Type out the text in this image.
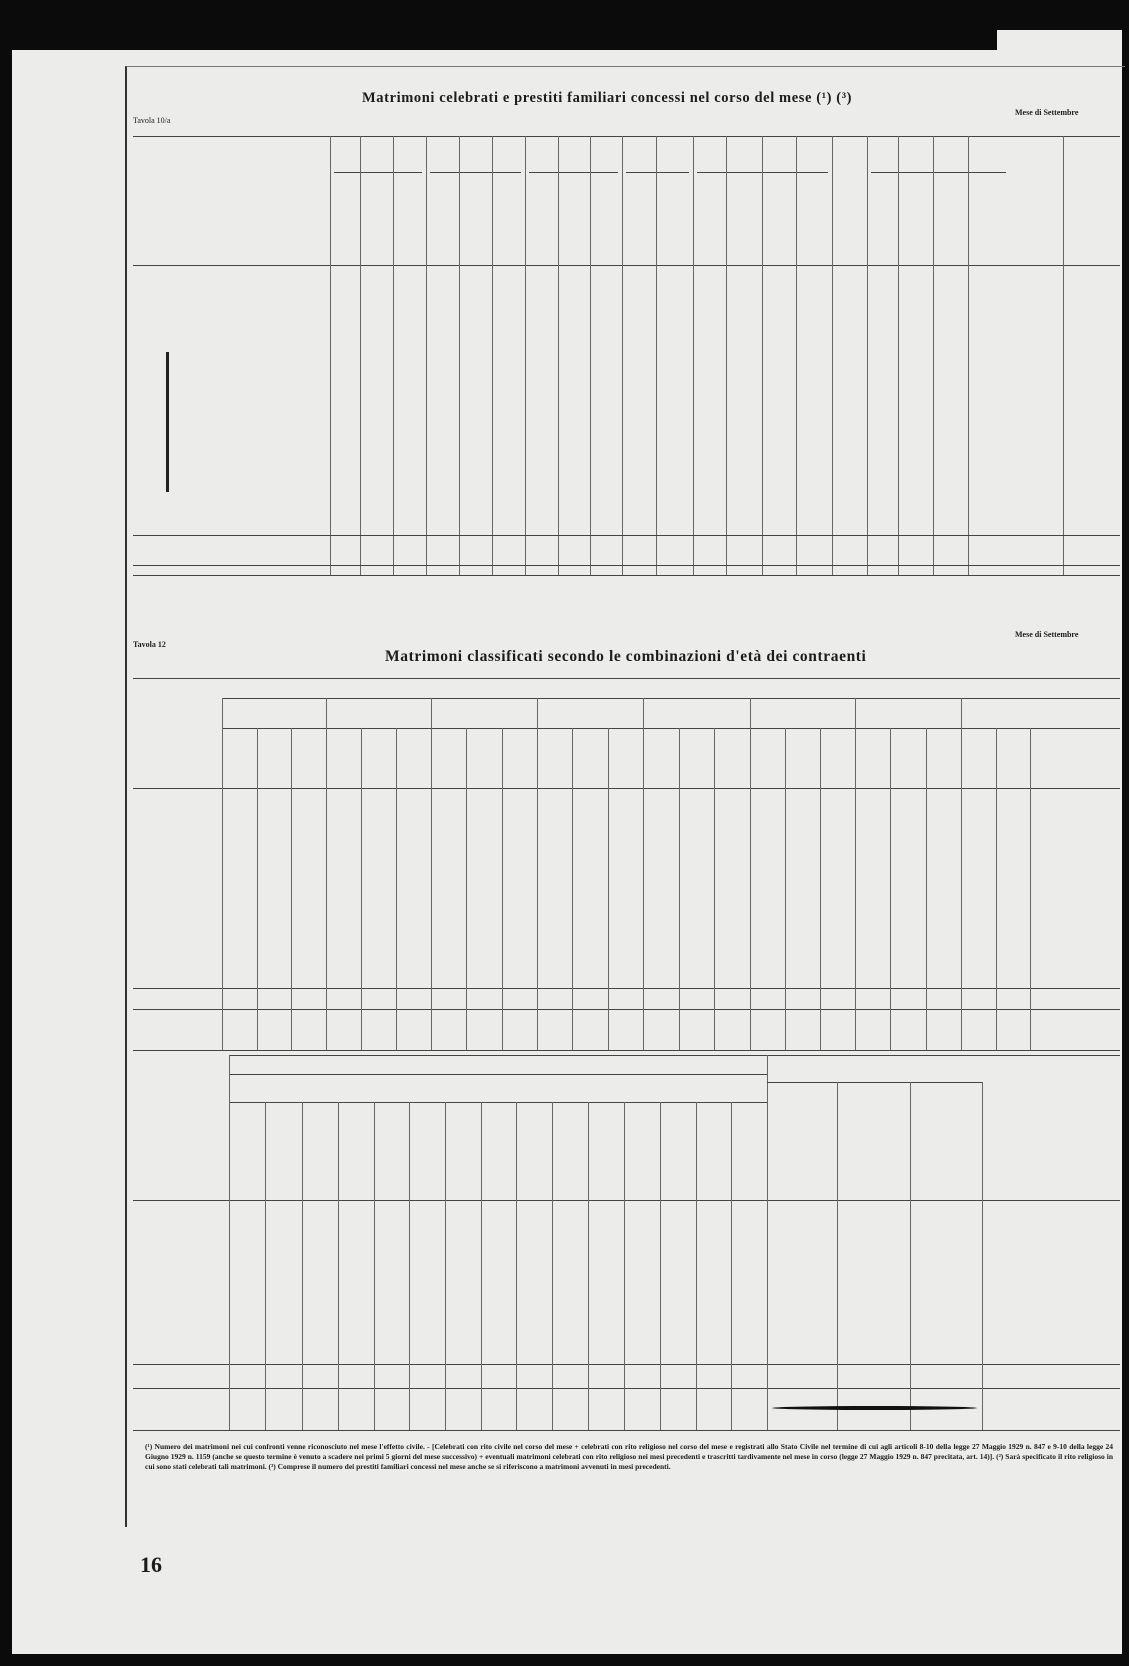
Tavola 10/a
Matrimoni celebrati e prestiti familiari concessi nel corso del mese (¹) (³)
Mese di Settembre
Tavola 12
Matrimoni classificati secondo le combinazioni d'età dei contraenti
Mese di Settembre
(¹) Numero dei matrimoni nei cui confronti venne riconosciuto nel mese l'effetto civile. - [Celebrati con rito civile nel corso del mese + celebrati con rito religioso nel corso del mese e registrati allo Stato Civile nel termine di cui agli articoli 8-10 della legge 27 Maggio 1929 n. 847 e 9-10 della legge 24 Giugno 1929 n. 1159 (anche se questo termine è venuto a scadere nei primi 5 giorni del mese successivo) + eventuali matrimoni celebrati con rito religioso nei mesi precedenti e trascritti tardivamente nel mese in corso (legge 27 Maggio 1929 n. 847 precitata, art. 14)]. (²) Sarà specificato il rito religioso in cui sono stati celebrati tali matrimoni. (³) Comprese il numero dei prestiti familiari concessi nel mese anche se si riferiscono a matrimoni avvenuti in mesi precedenti.
16
